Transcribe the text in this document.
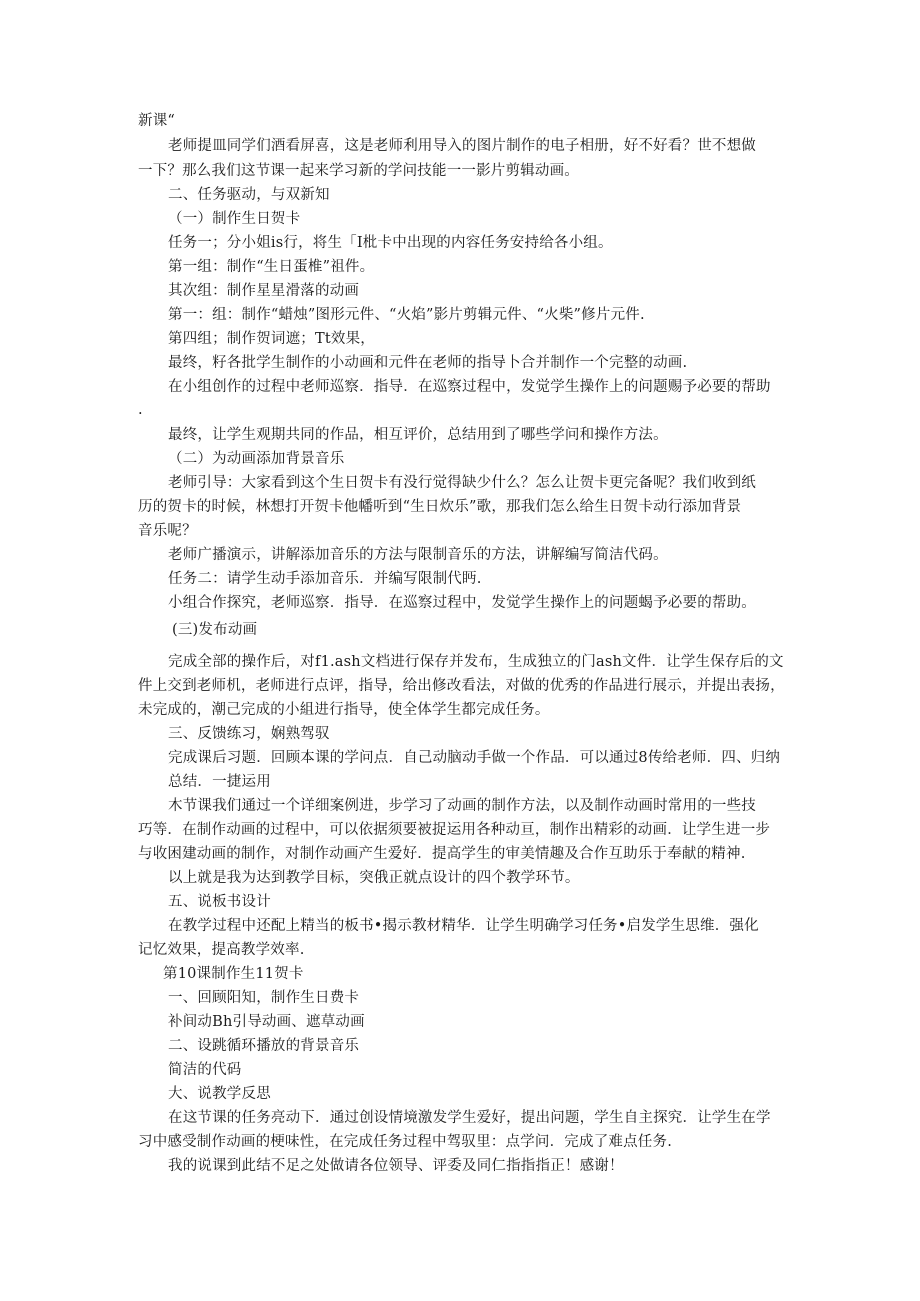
新课“

老师提皿同学们酒看屏喜，这是老师利用导入的图片制作的电子相册，好不好看？世不想做

一下？那么我们这节课一起来学习新的学问技能一一影片剪辑动画。

二、任务驱动，与双新知

（一）制作生日贺卡

任务一；分小姐is行，将生「I枇卡中出现的内容任务安持给各小组。

第一组：制作“生日蛋椎”祖件。

其次组：制作星星滑落的动画

第一：组：制作“蜡烛”图形元件、“火焰”影片剪辑元件、“火柴”修片元件.

第四组；制作贺词遮；Tt效果，

最终，籽各批学生制作的小动画和元件在老师的指导卜合并制作一个完整的动画.

在小组创作的过程中老师巡察．指导．在巡察过程中，发觉学生操作上的问题赐予必要的帮助

.

最终，让学生观期共同的作品，相互评价，总结用到了哪些学问和操作方法。

（二）为动画添加背景音乐

老师引导：大家看到这个生日贺卡有没行觉得缺少什么？怎么让贺卡更完备呢？我们收到纸

历的贺卡的时候，林想打开贺卡他幡听到“生日炊乐”歌，那我们怎么给生日贺卡动行添加背景

音乐呢？

老师广播演示，讲解添加音乐的方法与限制音乐的方法，讲解编写简洁代码。

任务二：请学生动手添加音乐．并编写限制代眄.

小组合作探究，老师巡察．指导．在巡察过程中，发觉学生操作上的问题蝎予必要的帮助。

(三)发布动画

完成全部的操作后，对f1.ash文档进行保存并发布，生成独立的门ash文件．让学生保存后的文

件上交到老师机，老师进行点评，指导，给出修改看法，对做的优秀的作品进行展示，并提出表扬，

未完成的，潮己完成的小組进行指导，使全体学生都完成任务。

三、反馈练习，娴熟驾驭

完成课后习题．回顾本课的学问点．自己动脑动手做一个作品．可以通过8传给老师．四、归纳

总结．一捷运用

木节课我们通过一个详细案例进，步学习了动画的制作方法，以及制作动画时常用的一些技

巧等．在制作动画的过程中，可以依据须要被捉运用各种动亘，制作出精彩的动画．让学生进一步

与收困建动画的制作，对制作动画产生爱好．提高学生的审美情趣及合作互助乐于奉献的精神.

以上就是我为达到教学目标，突俄正就点设计的四个教学环节。

五、说板书设计

在教学过程中还配上精当的板书•揭示教材精华．让学生明确学习任务•启发学生思维．强化

记忆效果，提高教学效率.

第10课制作生11贺卡

一、回顾阳知，制作生日费卡

补间动Bh引导动画、遮草动画

二、设跳循环播放的背景音乐

简洁的代码

大、说教学反思

在这节课的任务亮动下．通过创设情境激发学生爱好，提出问题，学生自主探究．让学生在学

习中感受制作动画的梗味性，在完成任务过程中驾驭里：点学问．完成了难点任务.

我的说课到此结不足之处做请各位领导、评委及同仁指指指正！感谢！
